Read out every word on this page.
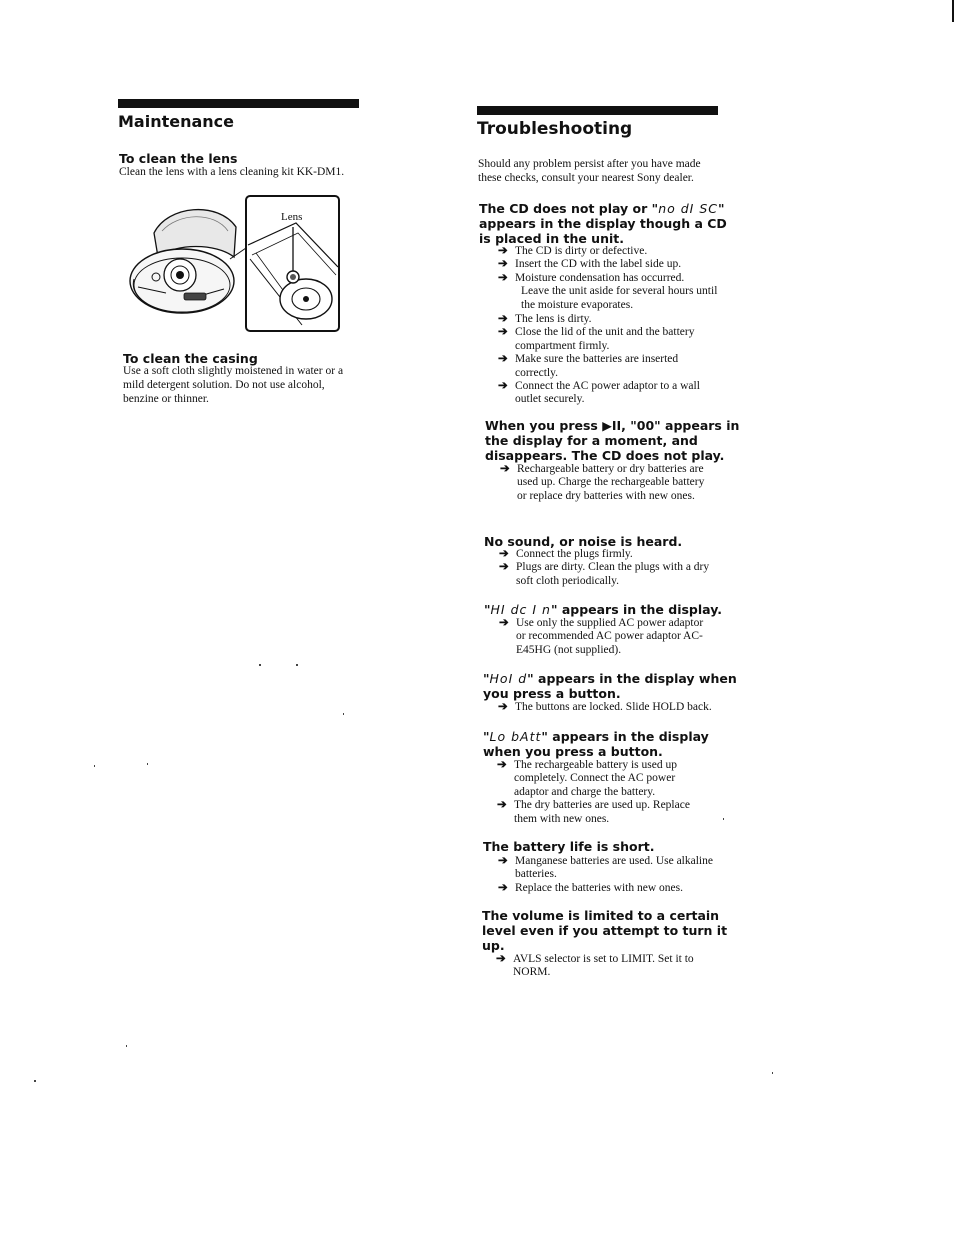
Maintenance
To clean the lens

Clean the lens with a lens cleaning kit KK-DM1.

Lens
To clean the casing

Use a soft cloth slightly moistened in water or a
mild detergent solution. Do not use alcohol,
benzine or thinner.

Troubleshooting

Should any problem persist after you have made
these checks, consult your nearest Sony dealer.

The CD does not play or "no dI SC"
appears in the display though a CD
is placed in the unit.
➔ The CD is dirty or defective.
➔ Insert the CD with the label side up.
➔ Moisture condensation has occurred.
Leave the unit aside for several hours until
the moisture evaporates.
➔ The lens is dirty.
➔ Close the lid of the unit and the battery
compartment firmly.
➔ Make sure the batteries are inserted
correctly.
➔ Connect the AC power adaptor to a wall
outlet securely.
When you press ▶II, "00" appears in
the display for a moment, and
disappears. The CD does not play.
➔ Rechargeable battery or dry batteries are
used up. Charge the rechargeable battery
or replace dry batteries with new ones.
No sound, or noise is heard.
➔ Connect the plugs firmly.
➔ Plugs are dirty. Clean the plugs with a dry
soft cloth periodically.
"HI dc I n" appears in the display.
➔ Use only the supplied AC power adaptor
or recommended AC power adaptor AC-
E45HG (not supplied).
"HoI d" appears in the display when
you press a button.
➔ The buttons are locked. Slide HOLD back.
"Lo bAtt" appears in the display
when you press a button.
➔ The rechargeable battery is used up
completely. Connect the AC power
adaptor and charge the battery.
➔ The dry batteries are used up. Replace
them with new ones.
The battery life is short.
➔ Manganese batteries are used. Use alkaline
batteries.
➔ Replace the batteries with new ones.
The volume is limited to a certain
level even if you attempt to turn it
up.
➔ AVLS selector is set to LIMIT. Set it to
NORM.
